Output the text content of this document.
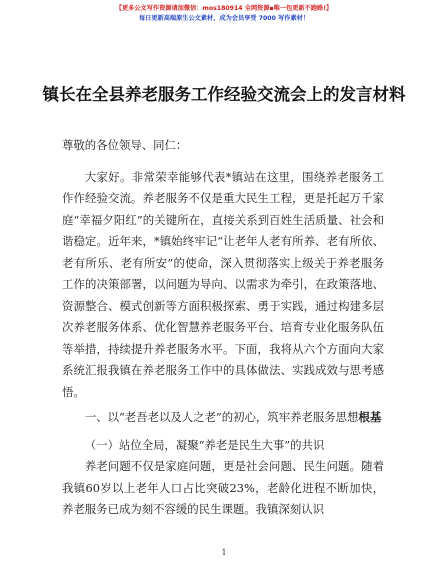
【更多公文写作资源请加微信：mos180914 全网资源▪唯一包更新不跑路!】
每日更新高端原生公文素材，成为会员享受 7000 写作素材！
镇长在全县养老服务工作经验交流会上的发言材料

尊敬的各位领导、同仁：

大家好。非常荣幸能够代表*镇站在这里，围绕养老服务工作作经验交流。养老服务不仅是重大民生工程，更是托起万千家庭“幸福夕阳红”的关键所在，直接关系到百姓生活质量、社会和谐稳定。近年来，*镇始终牢记“让老年人老有所养、老有所依、老有所乐、老有所安”的使命，深入贯彻落实上级关于养老服务工作的决策部署，以问题为导向、以需求为牵引，在政策落地、资源整合、模式创新等方面积极探索、勇于实践，通过构建多层次养老服务体系、优化智慧养老服务平台、培育专业化服务队伍等举措，持续提升养老服务水平。下面，我将从六个方面向大家系统汇报我镇在养老服务工作中的具体做法、实践成效与思考感悟。

一、以“老吾老以及人之老”的初心，筑牢养老服务思想根基

（一）站位全局，凝聚“养老是民生大事”的共识

养老问题不仅是家庭问题，更是社会问题、民生问题。随着我镇60岁以上老年人口占比突破23%，老龄化进程不断加快，养老服务已成为刻不容缓的民生课题。我镇深刻认识

1
